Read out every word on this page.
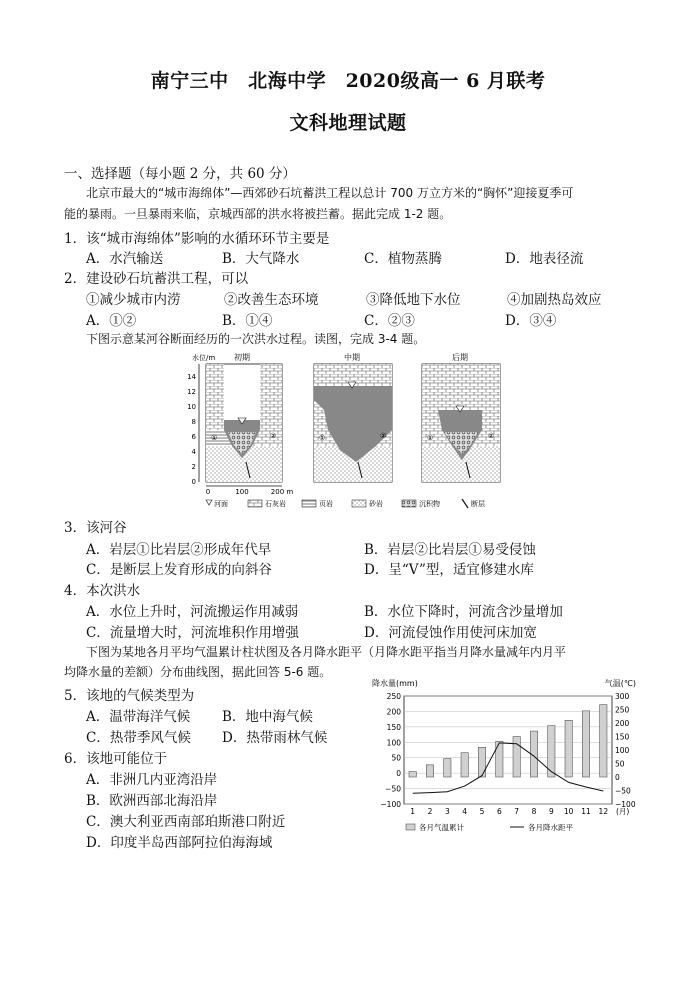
南宁三中　北海中学　2020级高一 6 月联考
文科地理试题
一、选择题（每小题 2 分，共 60 分）
北京市最大的“城市海绵体”—西郊砂石坑蓄洪工程以总计 700 万立方米的“胸怀”迎接夏季可
能的暴雨。一旦暴雨来临，京城西部的洪水将被拦蓄。据此完成 1-2 题。
1．该“城市海绵体”影响的水循环环节主要是
A．水汽输送	B．大气降水	C．植物蒸腾	D．地表径流
2．建设砂石坑蓄洪工程，可以
①减少城市内涝	②改善生态环境	③降低地下水位	④加剧热岛效应
A．①②	B．①④	C．②③	D．③④
下图示意某河谷断面经历的一次洪水过程。读图，完成 3-4 题。
水位/m
14
12
10
8
6
4
2
0
初期
①	②
中期
①	②
后期
①	②
0	100	200 m
河面	石灰岩	页岩	砂岩	沉积物	断层
3．该河谷
A．岩层①比岩层②形成年代早	B．岩层②比岩层①易受侵蚀
C．是断层上发育形成的向斜谷	D．呈“V”型，适宜修建水库
4．本次洪水
A．水位上升时，河流搬运作用减弱	B．水位下降时，河流含沙量增加
C．流量增大时，河流堆积作用增强	D．河流侵蚀作用使河床加宽
下图为某地各月平均气温累计柱状图及各月降水距平（月降水距平指当月降水量减年内月平
均降水量的差额）分布曲线图，据此回答 5-6 题。
5．该地的气候类型为
A．温带海洋气候 B．地中海气候
C．热带季风气候 D．热带雨林气候
6．该地可能位于
A．非洲几内亚湾沿岸
B．欧洲西部北海沿岸
C．澳大利亚西南部珀斯港口附近
D．印度半岛西部阿拉伯海海域
降水量(mm)	气温(℃)
250
200
150
100
50
0
−50
−100
300
250
200
150
100
50
0
−50
−100
1 2 3 4 5 6 7 8 9 10 11 12 (月)
各月气温累计	各月降水距平
